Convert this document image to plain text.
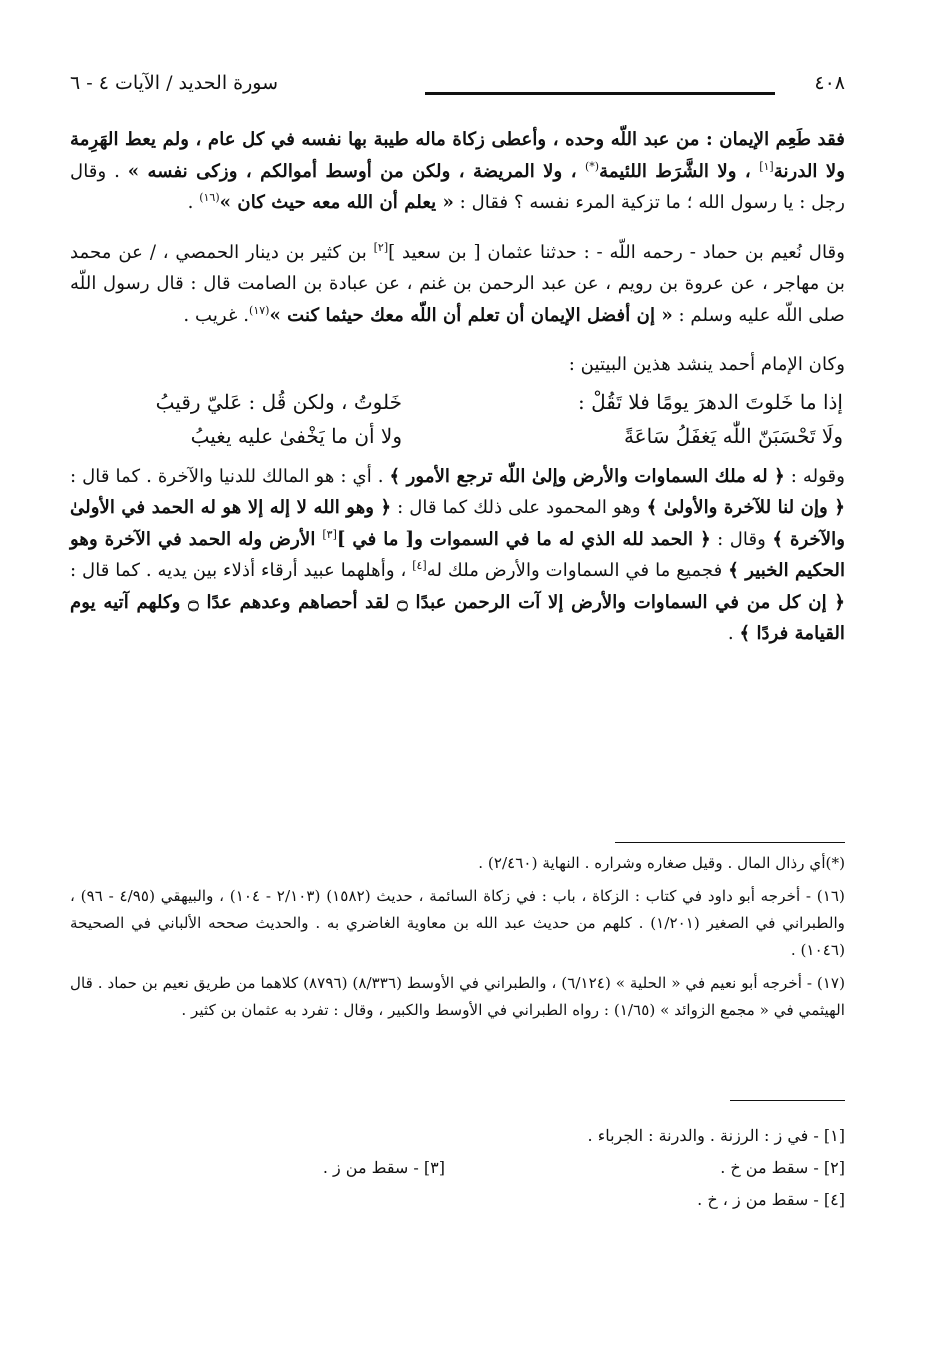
٤٠٨
سورة الحديد / الآيات ٤ - ٦

فقد طَعِم الإيمان : من عبد اللّه وحده ، وأعطى زكاة ماله طيبة بها نفسه في كل عام ، ولم يعط الهَرِمة ولا الدرنة[١] ، ولا الشَّرَط اللئيمة(*) ، ولا المريضة ، ولكن من أوسط أموالكم ، وزكى نفسه » . وقال رجل : يا رسول الله ؛ ما تزكية المرء نفسه ؟ فقال : « يعلم أن الله معه حيث كان »$^{(١٦)}$ .

وقال نُعيم بن حماد - رحمه اللّه - : حدثنا عثمان [ بن سعيد ][٢] بن كثير بن دينار الحمصي ، / عن محمد بن مهاجر ، عن عروة بن رويم ، عن عبد الرحمن بن غنم ، عن عبادة بن الصامت قال : قال رسول اللّه صلى اللّه عليه وسلم : « إن أفضل الإيمان أن تعلم أن اللّه معك حيثما كنت »$^{(١٧)}$. غريب .

وكان الإمام أحمد ينشد هذين البيتين :

إذا ما خَلوتَ الدهرَ يومًا فلا تَقُلْ :
خَلوتُ ، ولكن قُل : عَليّ رقيبُ
ولَا تَحْسَبَنّ اللّٰه يَغفَلُ سَاعَةً
ولا أن ما يَخْفىٰ عليه يغيبُ

وقوله : ﴿ له ملك السماوات والأرض وإلىٰ اللّه ترجع الأمور ﴾ . أي : هو المالك للدنيا والآخرة . كما قال : ﴿ وإن لنا للآخرة والأولىٰ ﴾ وهو المحمود على ذلك كما قال : ﴿ وهو الله لا إله إلا هو له الحمد في الأولىٰ والآخرة ﴾ وقال : ﴿ الحمد لله الذي له ما في السموات و[ ما في ][٣] الأرض وله الحمد في الآخرة وهو الحكيم الخبير ﴾ فجميع ما في السماوات والأرض ملك له[٤] ، وأهلهما عبيد أرقاء أذلاء بين يديه . كما قال : ﴿ إن كل من في السماوات والأرض إلا آت الرحمن عبدًا ۝ لقد أحصاهم وعدهم عدًا ۝ وكلهم آتيه يوم القيامة فردًا ﴾ .

(*)أي رذال المال . وقيل صغاره وشراره . النهاية (٢/٤٦٠) .
(١٦) - أخرجه أبو داود في كتاب : الزكاة ، باب : في زكاة السائمة ، حديث (١٥٨٢) (٢/١٠٣ - ١٠٤) ، والبيهقي (٤/٩٥ - ٩٦) ، والطبراني في الصغير (١/٢٠١) . كلهم من حديث عبد الله بن معاوية الغاضري به . والحديث صححه الألباني في الصحيحة (١٠٤٦) .
(١٧) - أخرجه أبو نعيم في « الحلية » (٦/١٢٤) ، والطبراني في الأوسط (٨/٣٣٦) (٨٧٩٦) كلاهما من طريق نعيم بن حماد . قال الهيثمي في « مجمع الزوائد » (١/٦٥) : رواه الطبراني في الأوسط والكبير ، وقال : تفرد به عثمان بن كثير .
[١] - في ز : الرزنة . والدرنة : الجرباء .
[٢] - سقط من خ .
[٣] - سقط من ز .
[٤] - سقط من ز ، خ .
